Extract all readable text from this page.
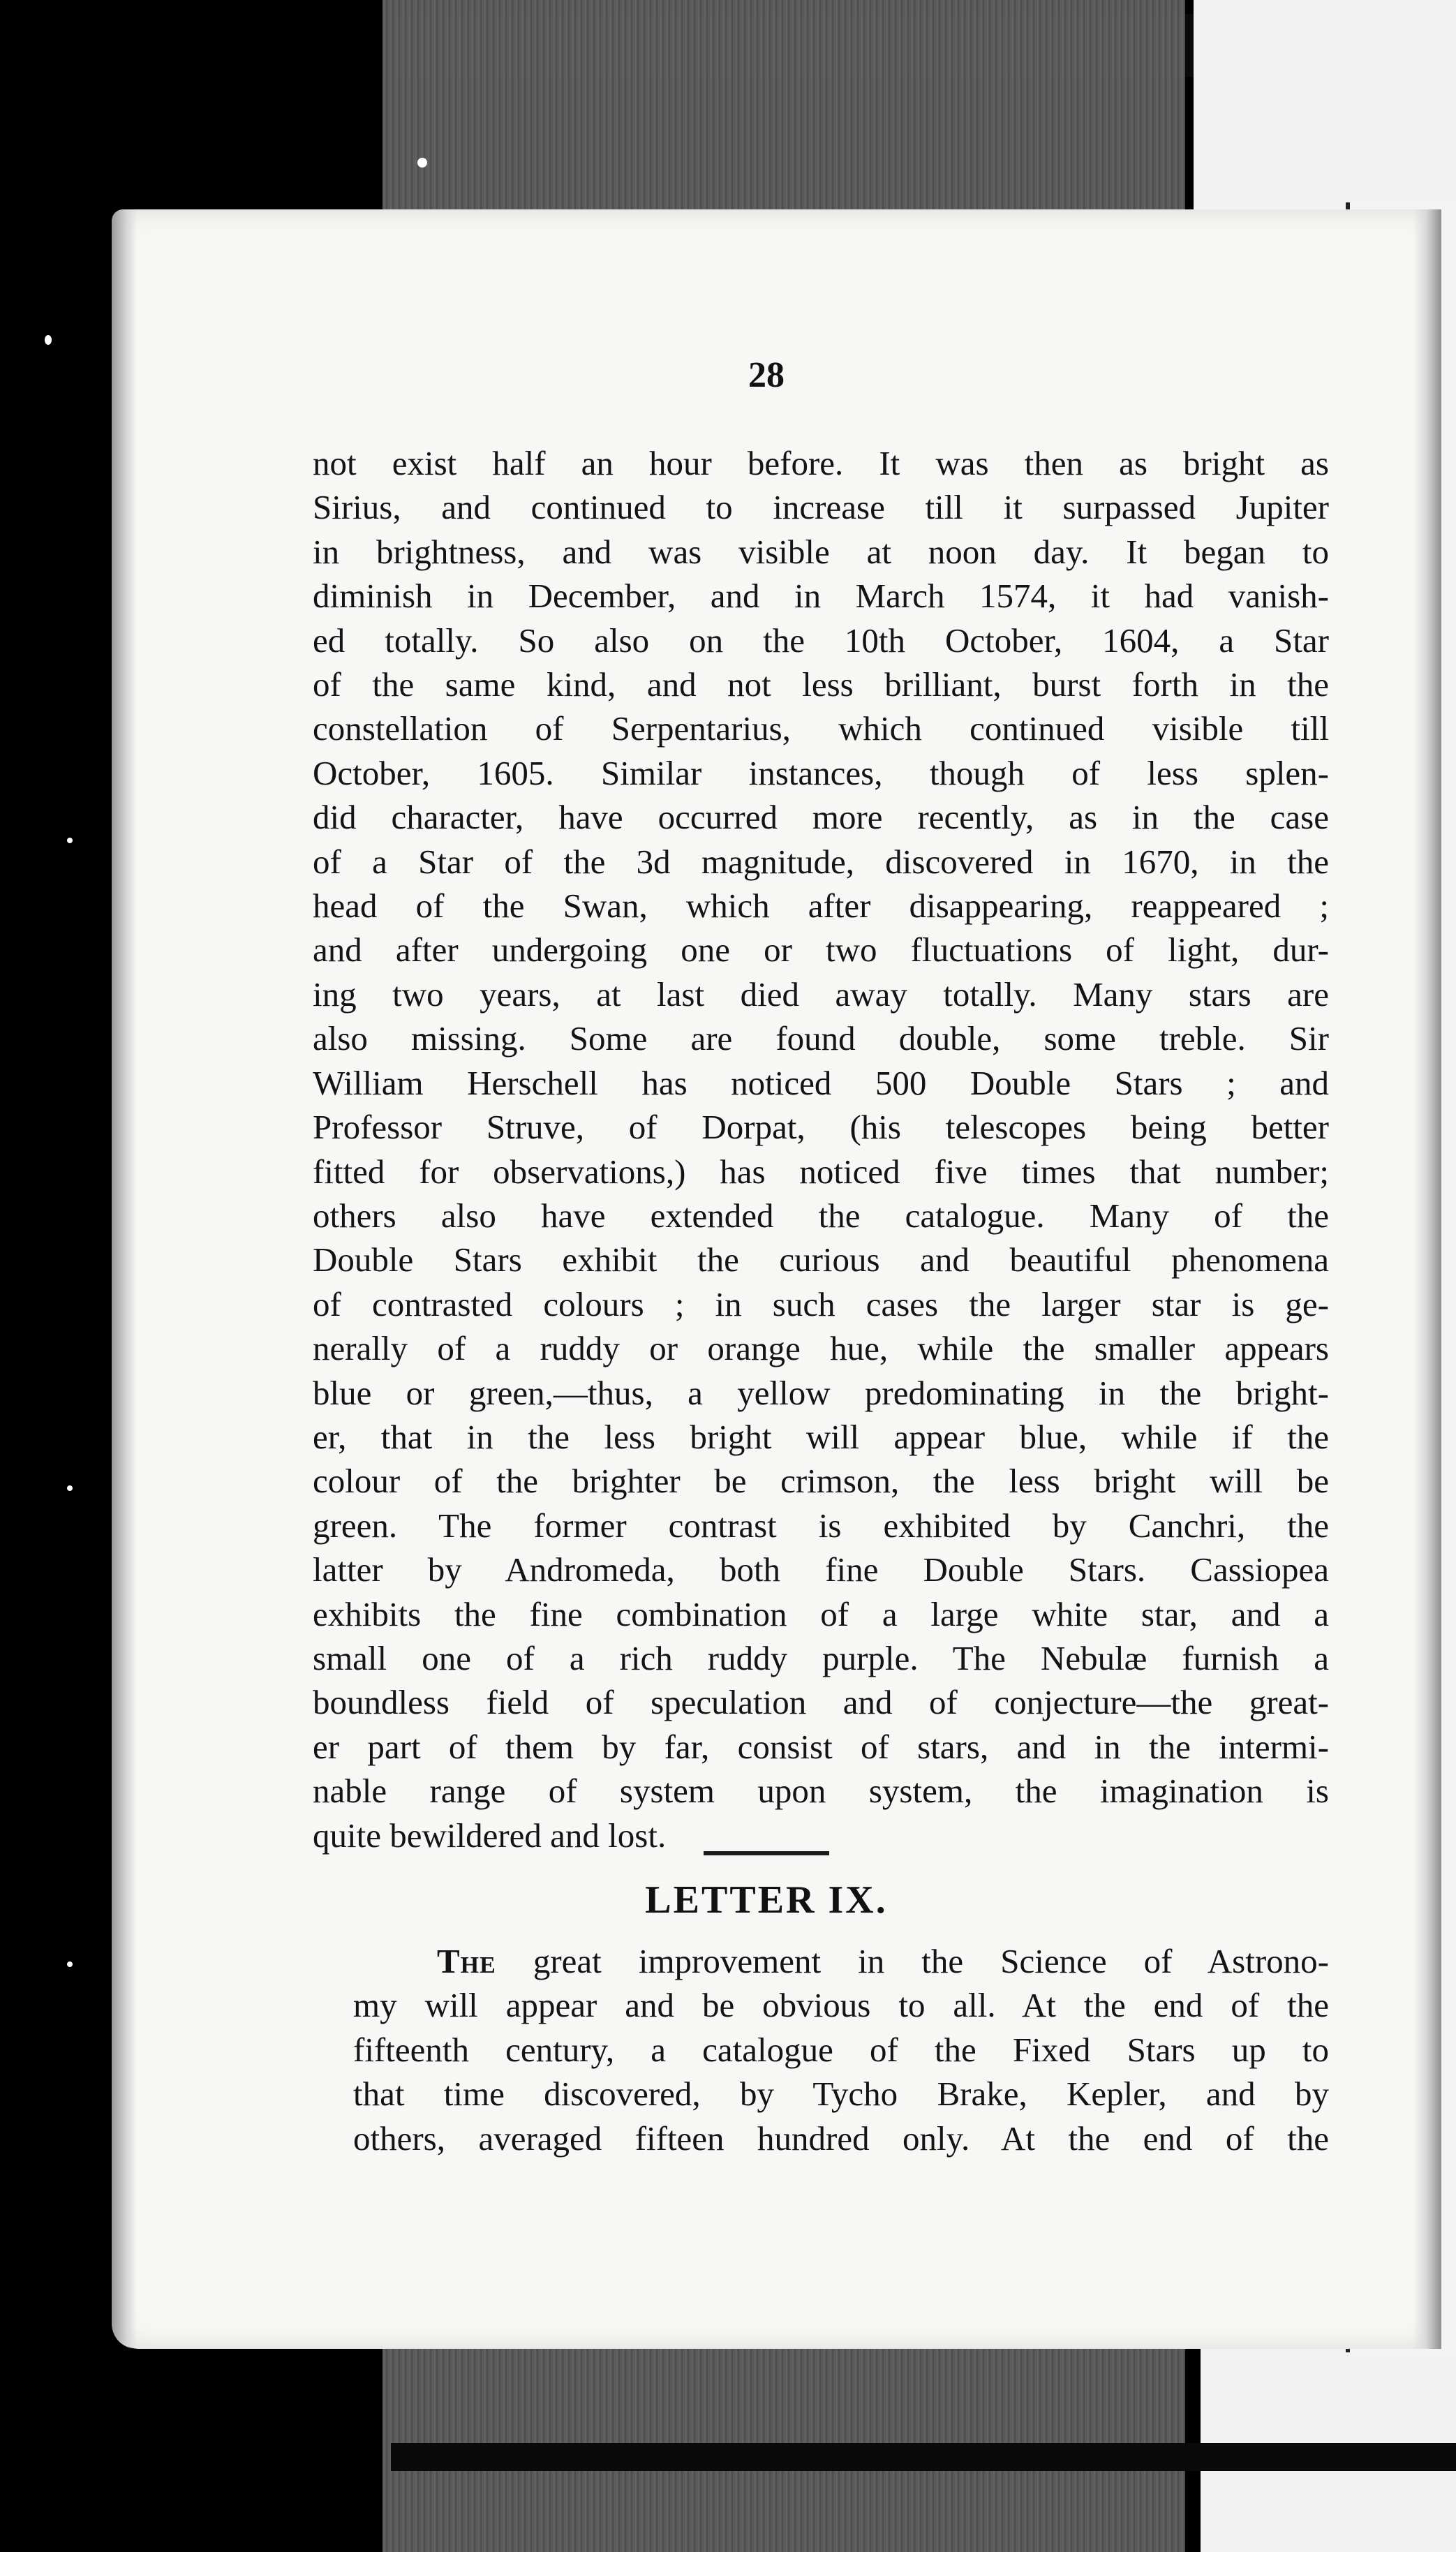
28
not exist half an hour before. It was then as bright as
Sirius, and continued to increase till it surpassed Jupiter
in brightness, and was visible at noon day. It began to
diminish in December, and in March 1574, it had vanish-
ed totally. So also on the 10th October, 1604, a Star
of the same kind, and not less brilliant, burst forth in the
constellation of Serpentarius, which continued visible till
October, 1605. Similar instances, though of less splen-
did character, have occurred more recently, as in the case
of a Star of the 3d magnitude, discovered in 1670, in the
head of the Swan, which after disappearing, reappeared ;
and after undergoing one or two fluctuations of light, dur-
ing two years, at last died away totally. Many stars are
also missing. Some are found double, some treble. Sir
William Herschell has noticed 500 Double Stars ; and
Professor Struve, of Dorpat, (his telescopes being better
fitted for observations,) has noticed five times that number;
others also have extended the catalogue. Many of the
Double Stars exhibit the curious and beautiful phenomena
of contrasted colours ; in such cases the larger star is ge-
nerally of a ruddy or orange hue, while the smaller appears
blue or green,—thus, a yellow predominating in the bright-
er, that in the less bright will appear blue, while if the
colour of the brighter be crimson, the less bright will be
green. The former contrast is exhibited by Canchri, the
latter by Andromeda, both fine Double Stars. Cassiopea
exhibits the fine combination of a large white star, and a
small one of a rich ruddy purple. The Nebulæ furnish a
boundless field of speculation and of conjecture—the great-
er part of them by far, consist of stars, and in the intermi-
nable range of system upon system, the imagination is
quite bewildered and lost.
LETTER IX.
The great improvement in the Science of Astrono-
my will appear and be obvious to all. At the end of the
fifteenth century, a catalogue of the Fixed Stars up to
that time discovered, by Tycho Brake, Kepler, and by
others, averaged fifteen hundred only. At the end of the
